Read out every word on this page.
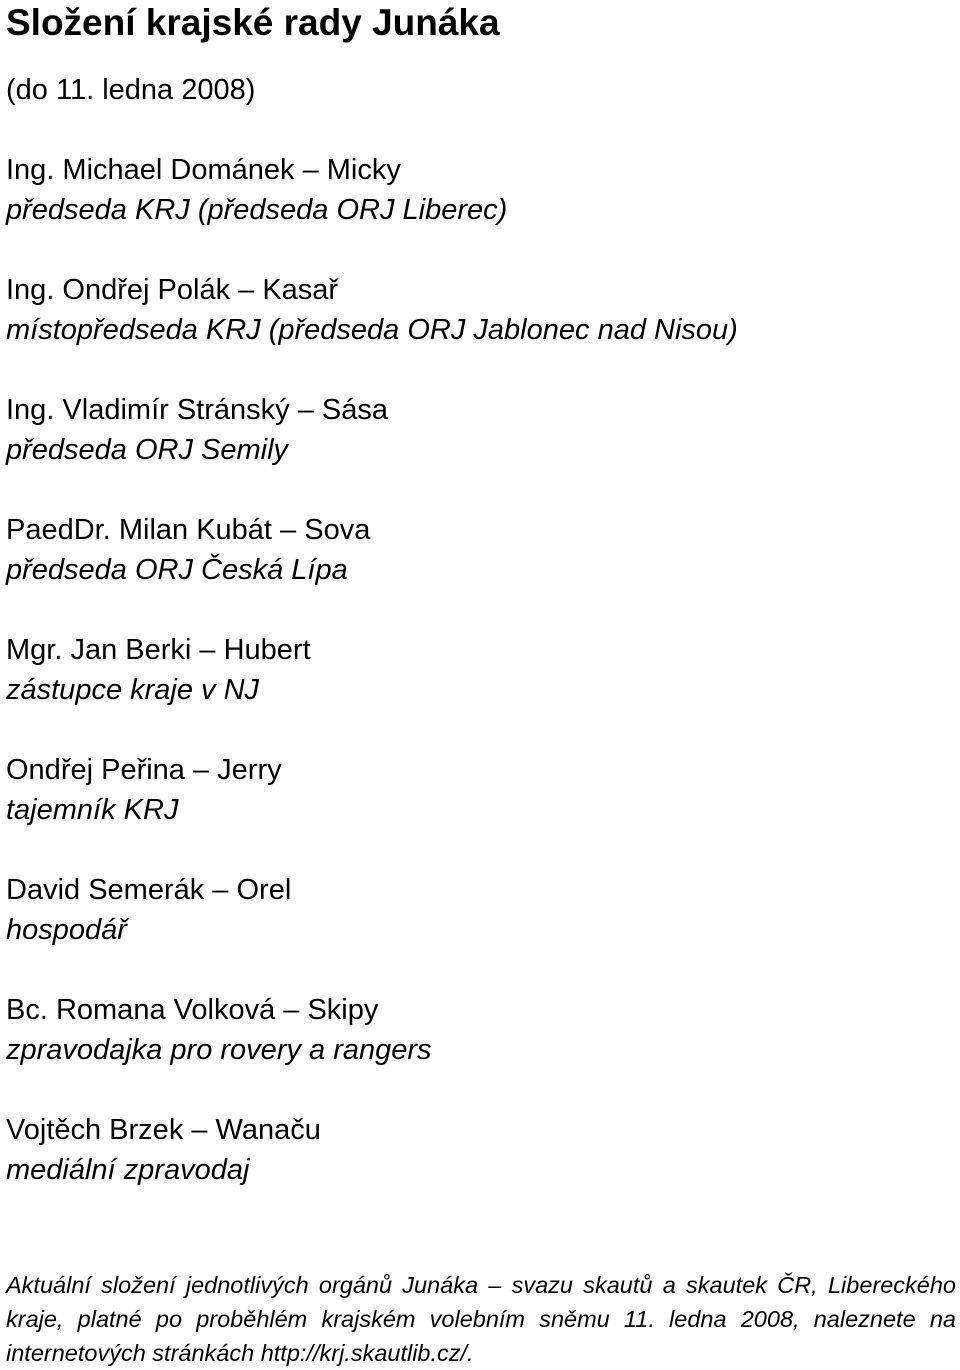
Složení krajské rady Junáka

(do 11. ledna 2008)

Ing. Michael Dománek – Micky
předseda KRJ (předseda ORJ Liberec)
Ing. Ondřej Polák – Kasař
místopředseda KRJ (předseda ORJ Jablonec nad Nisou)
Ing. Vladimír Stránský – Sása
předseda ORJ Semily
PaedDr. Milan Kubát – Sova
předseda ORJ Česká Lípa
Mgr. Jan Berki – Hubert
zástupce kraje v NJ
Ondřej Peřina – Jerry
tajemník KRJ
David Semerák – Orel
hospodář
Bc. Romana Volková – Skipy
zpravodajka pro rovery a rangers
Vojtěch Brzek – Wanaču
mediální zpravodaj

Aktuální složení jednotlivých orgánů Junáka – svazu skautů a skautek ČR, Libereckého kraje, platné po proběhlém krajském volebním sněmu 11. ledna 2008, naleznete na internetových stránkách http://krj.skautlib.cz/.
